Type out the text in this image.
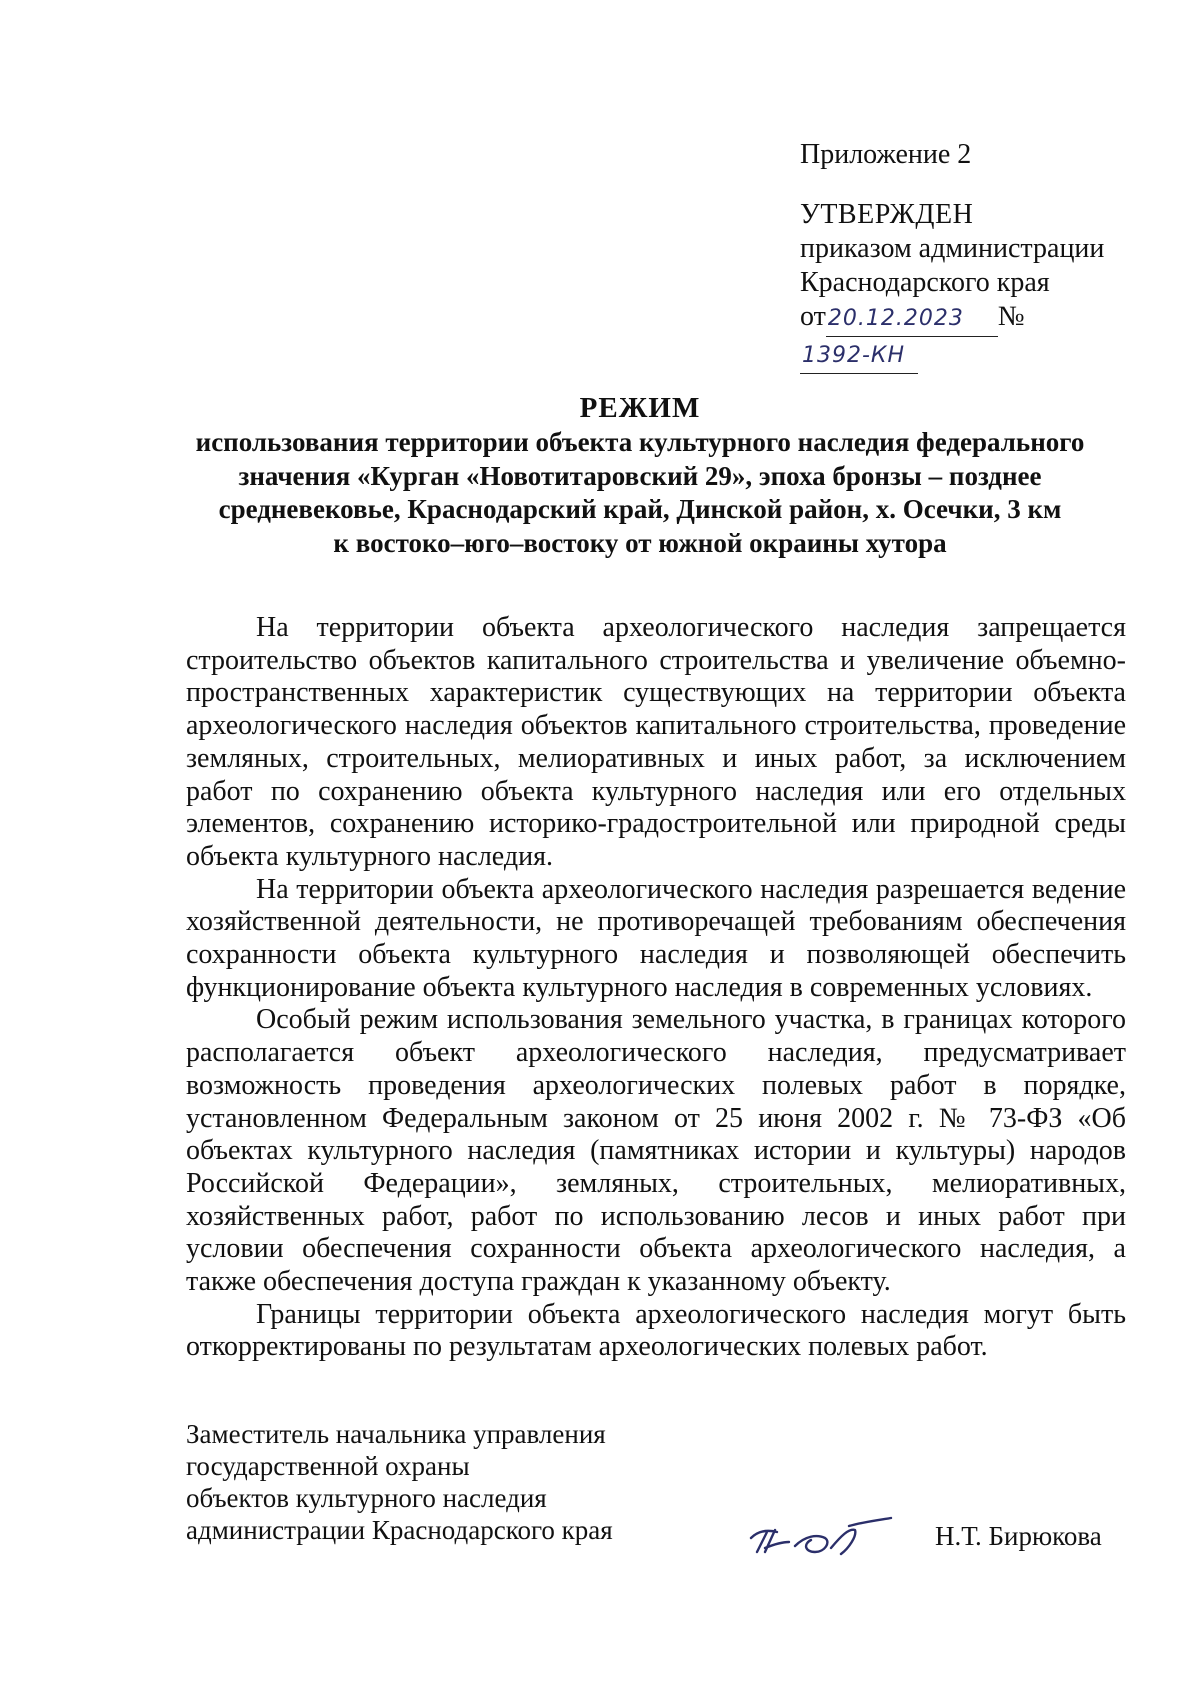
Приложение 2
УТВЕРЖДЕН
приказом администрации
Краснодарского края
от20.12.2023 №1392-КН
РЕЖИМ
использования территории объекта культурного наследия федерального
значения «Курган «Новотитаровский 29», эпоха бронзы – позднее
средневековье, Краснодарский край, Динской район, х. Осечки, 3 км
к востоко–юго–востоку от южной окраины хутора

На территории объекта археологического наследия запрещается строительство объектов капитального строительства и увеличение объемно-пространственных характеристик существующих на территории объекта археологического наследия объектов капитального строительства, проведение земляных, строительных, мелиоративных и иных работ, за исключением работ по сохранению объекта культурного наследия или его отдельных элементов, сохранению историко-градостроительной или природной среды объекта культурного наследия.

На территории объекта археологического наследия разрешается ведение хозяйственной деятельности, не противоречащей требованиям обеспечения сохранности объекта культурного наследия и позволяющей обеспечить функционирование объекта культурного наследия в современных условиях.

Особый режим использования земельного участка, в границах которого располагается объект археологического наследия, предусматривает возможность проведения археологических полевых работ в порядке, установленном Федеральным законом от 25 июня 2002 г. № 73-ФЗ «Об объектах культурного наследия (памятниках истории и культуры) народов Российской Федерации», земляных, строительных, мелиоративных, хозяйственных работ, работ по использованию лесов и иных работ при условии обеспечения сохранности объекта археологического наследия, а также обеспечения доступа граждан к указанному объекту.

Границы территории объекта археологического наследия могут быть откорректированы по результатам археологических полевых работ.

Заместитель начальника управления
государственной охраны
объектов культурного наследия
администрации Краснодарского края	Н.Т. Бирюкова
